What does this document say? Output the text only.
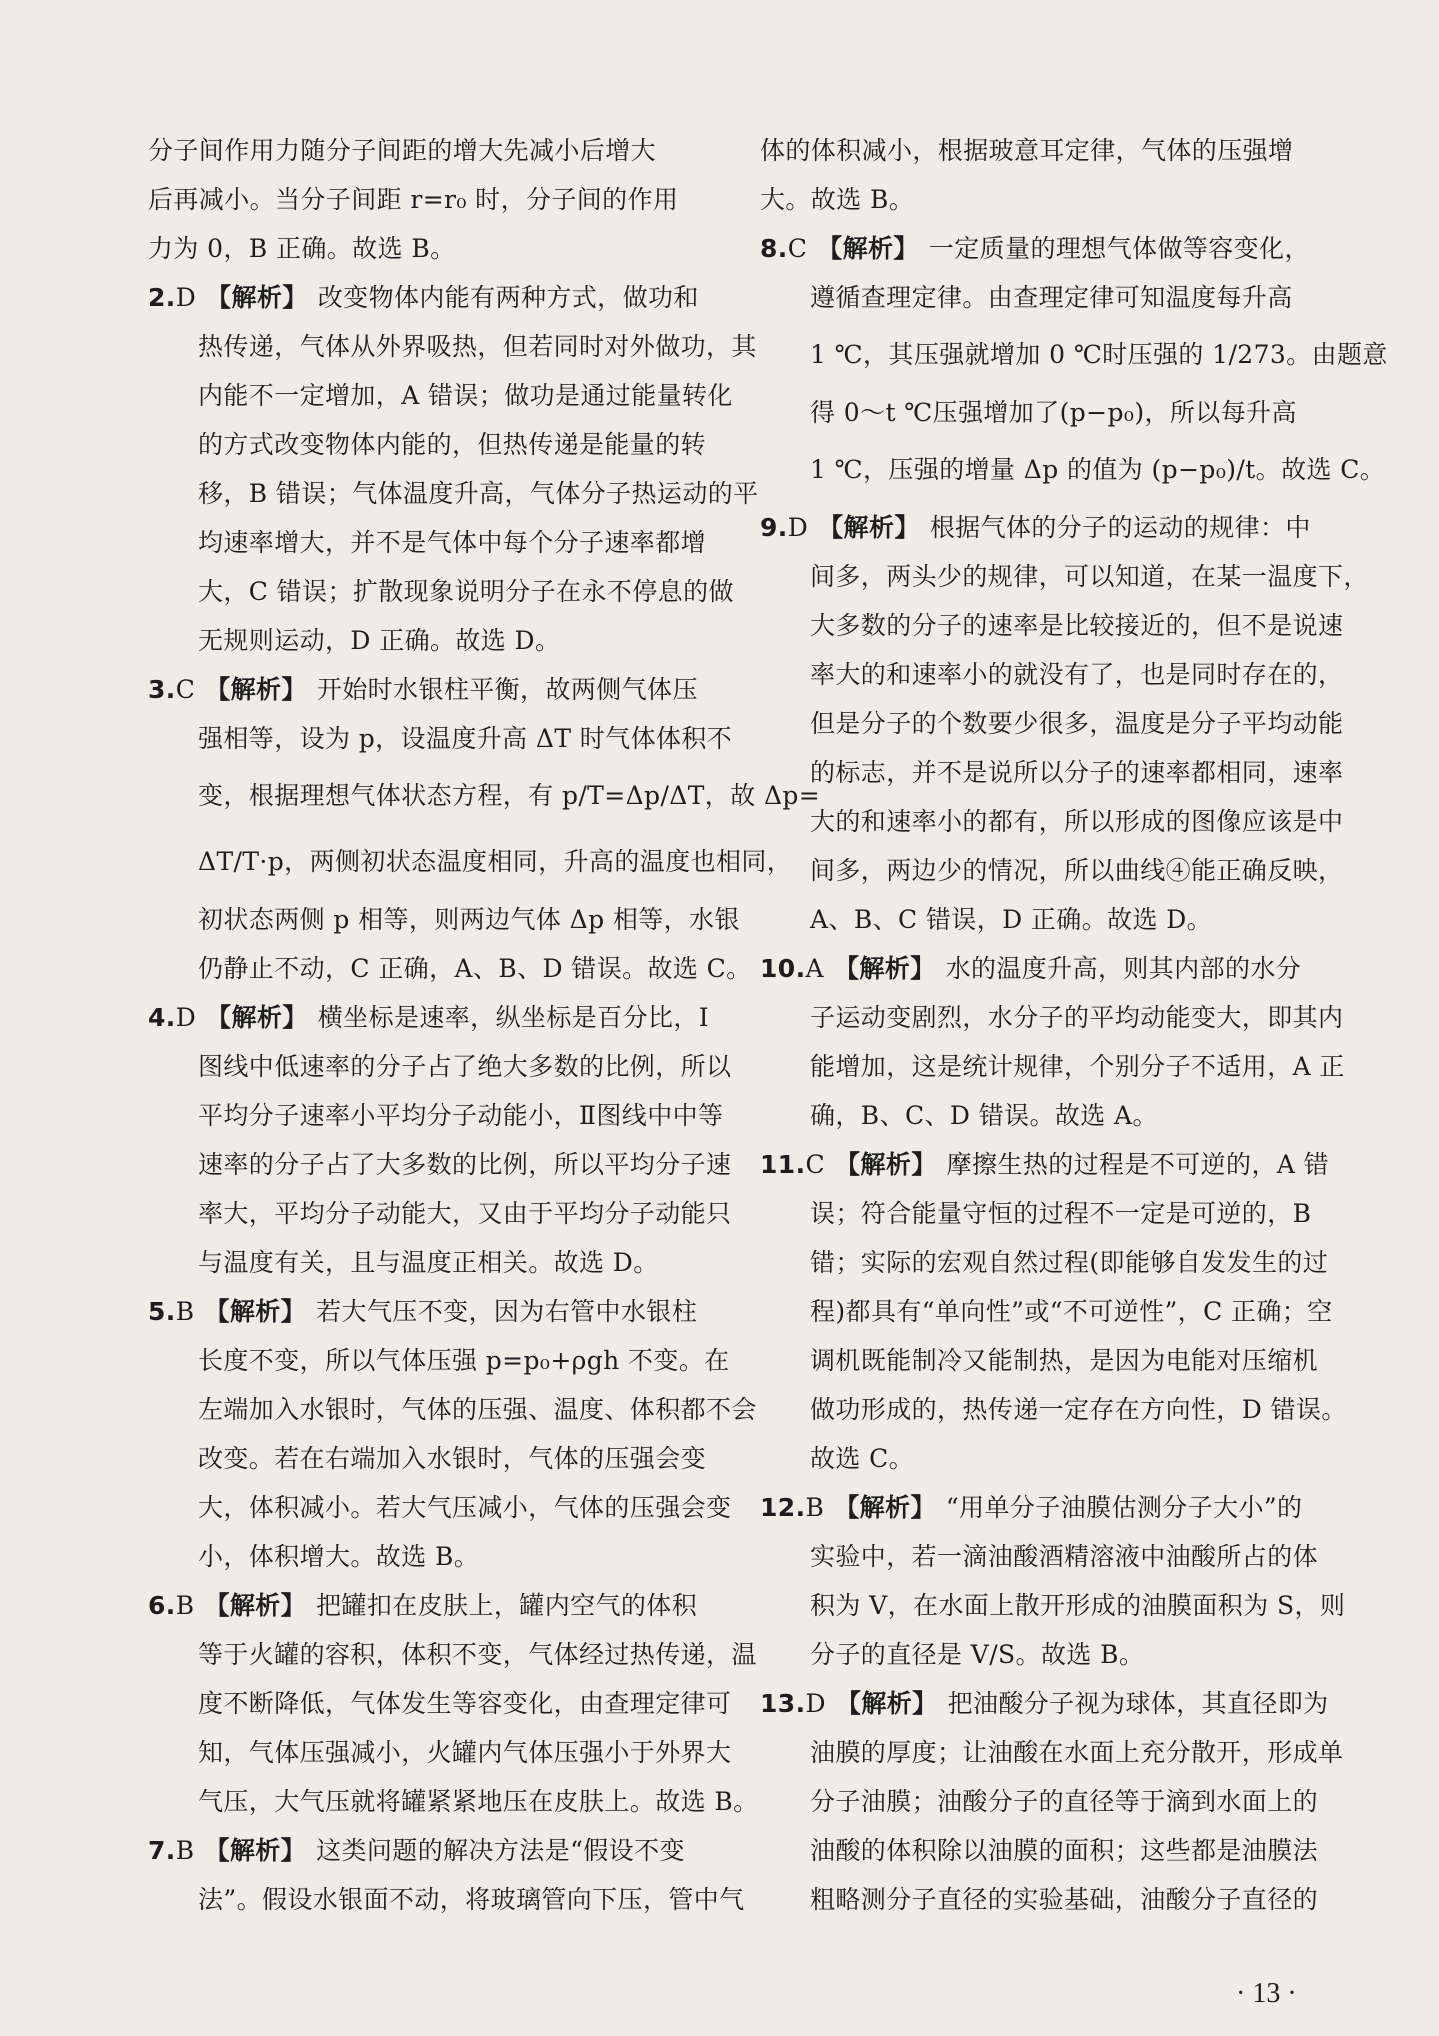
分子间作用力随分子间距的增大先减小后增大
后再减小。当分子间距 r=r₀ 时，分子间的作用
力为 0，B 正确。故选 B。
2.D 【解析】 改变物体内能有两种方式，做功和
热传递，气体从外界吸热，但若同时对外做功，其
内能不一定增加，A 错误；做功是通过能量转化
的方式改变物体内能的，但热传递是能量的转
移，B 错误；气体温度升高，气体分子热运动的平
均速率增大，并不是气体中每个分子速率都增
大，C 错误；扩散现象说明分子在永不停息的做
无规则运动，D 正确。故选 D。
3.C 【解析】 开始时水银柱平衡，故两侧气体压
强相等，设为 p，设温度升高 ΔT 时气体体积不
变，根据理想气体状态方程，有 p/T=Δp/ΔT，故 Δp=
ΔT/T·p，两侧初状态温度相同，升高的温度也相同，
初状态两侧 p 相等，则两边气体 Δp 相等，水银
仍静止不动，C 正确，A、B、D 错误。故选 C。
4.D 【解析】 横坐标是速率，纵坐标是百分比，Ⅰ
图线中低速率的分子占了绝大多数的比例，所以
平均分子速率小平均分子动能小，Ⅱ图线中中等
速率的分子占了大多数的比例，所以平均分子速
率大，平均分子动能大，又由于平均分子动能只
与温度有关，且与温度正相关。故选 D。
5.B 【解析】 若大气压不变，因为右管中水银柱
长度不变，所以气体压强 p=p₀+ρgh 不变。在
左端加入水银时，气体的压强、温度、体积都不会
改变。若在右端加入水银时，气体的压强会变
大，体积减小。若大气压减小，气体的压强会变
小，体积增大。故选 B。
6.B 【解析】 把罐扣在皮肤上，罐内空气的体积
等于火罐的容积，体积不变，气体经过热传递，温
度不断降低，气体发生等容变化，由查理定律可
知，气体压强减小，火罐内气体压强小于外界大
气压，大气压就将罐紧紧地压在皮肤上。故选 B。
7.B 【解析】 这类问题的解决方法是“假设不变
法”。假设水银面不动，将玻璃管向下压，管中气
体的体积减小，根据玻意耳定律，气体的压强增
大。故选 B。
8.C 【解析】 一定质量的理想气体做等容变化，
遵循查理定律。由查理定律可知温度每升高
1 ℃，其压强就增加 0 ℃时压强的 1/273。由题意
得 0～t ℃压强增加了(p−p₀)，所以每升高
1 ℃，压强的增量 Δp 的值为 (p−p₀)/t。故选 C。
9.D 【解析】 根据气体的分子的运动的规律：中
间多，两头少的规律，可以知道，在某一温度下，
大多数的分子的速率是比较接近的，但不是说速
率大的和速率小的就没有了，也是同时存在的，
但是分子的个数要少很多，温度是分子平均动能
的标志，并不是说所以分子的速率都相同，速率
大的和速率小的都有，所以形成的图像应该是中
间多，两边少的情况，所以曲线④能正确反映，
A、B、C 错误，D 正确。故选 D。
10.A 【解析】 水的温度升高，则其内部的水分
子运动变剧烈，水分子的平均动能变大，即其内
能增加，这是统计规律，个别分子不适用，A 正
确，B、C、D 错误。故选 A。
11.C 【解析】 摩擦生热的过程是不可逆的，A 错
误；符合能量守恒的过程不一定是可逆的，B
错；实际的宏观自然过程(即能够自发发生的过
程)都具有“单向性”或“不可逆性”，C 正确；空
调机既能制冷又能制热，是因为电能对压缩机
做功形成的，热传递一定存在方向性，D 错误。
故选 C。
12.B 【解析】 “用单分子油膜估测分子大小”的
实验中，若一滴油酸酒精溶液中油酸所占的体
积为 V，在水面上散开形成的油膜面积为 S，则
分子的直径是 V/S。故选 B。
13.D 【解析】 把油酸分子视为球体，其直径即为
油膜的厚度；让油酸在水面上充分散开，形成单
分子油膜；油酸分子的直径等于滴到水面上的
油酸的体积除以油膜的面积；这些都是油膜法
粗略测分子直径的实验基础，油酸分子直径的
· 13 ·
